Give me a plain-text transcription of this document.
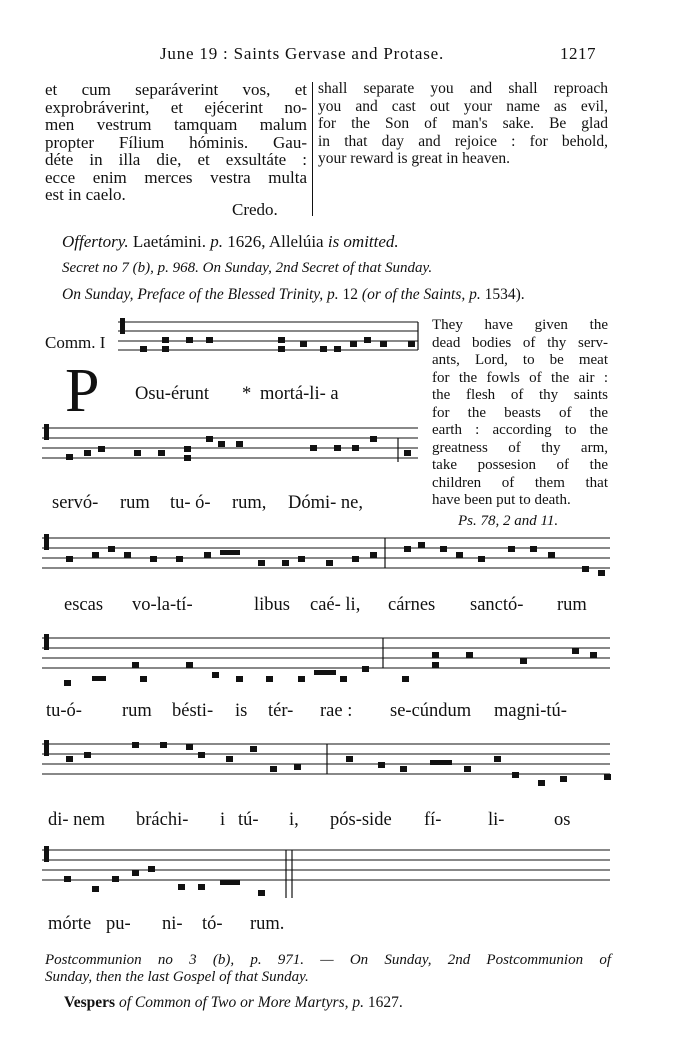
June 19 : Saints Gervase and Protase.	1217
et cum separáverint vos, et
exprobráverint, et ejécerint no-
men vestrum tamquam malum
propter Fílium hóminis. Gau-
déte in illa die, et exsultáte :
ecce enim merces vestra multa
est in caelo.
Credo.
shall separate you and shall reproach
you and cast out your name as evil,
for the Son of man's sake. Be glad
in that day and rejoice : for behold,
your reward is great in heaven.
Offertory. Laetámini. p. 1626, Allelúia is omitted.
Secret no 7 (b), p. 968. On Sunday, 2nd Secret of that Sunday.
On Sunday, Preface of the Blessed Trinity, p. 12 (or of the Saints, p. 1534).
Comm. I
P
They have given the
dead bodies of thy serv-
ants, Lord, to be meat
for the fowls of the air :
the flesh of thy saints
for the beasts of the
earth : according to the
greatness of thy arm,
take possesion of the
children of them that
have been put to death.
Ps. 78, 2 and 11.
Osu-érunt * mortá-li- a
servó- rum tu- ó- rum, Dómi- ne,
escas vo-la-tí-	libus caé- li, cárnes sanctó- rum
tu-ó- rum bésti- is tér- rae : se-cúndum magni-tú-
di- nem bráchi- i tú- i, pós-side fí-	li-	os
mórte pu- ni- tó- rum.
Postcommunion no 3 (b), p. 971. — On Sunday, 2nd Postcommunion of
Sunday, then the last Gospel of that Sunday.
Vespers of Common of Two or More Martyrs, p. 1627.
